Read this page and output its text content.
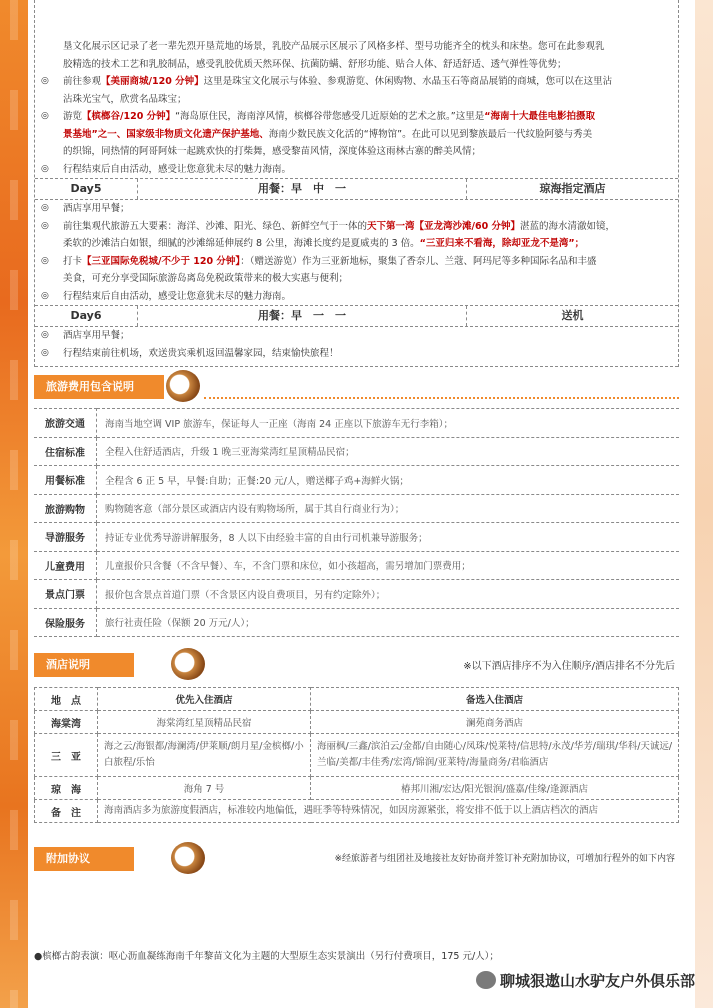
垦文化展示区记录了老一辈先烈开垦荒地的场景，乳胶产品展示区展示了风格多样、型号功能齐全的枕头和床垫。您可在此参观乳
胶精选的技术工艺和乳胶制品，感受乳胶优质天然环保、抗菌防螨、舒形功能、贴合人体、舒适舒适、透气弹性等优势；
◎ 前往参观【美丽商城/120 分钟】这里是珠宝文化展示与体验、参观游览、休闲购物、水晶玉石等商品展销的商城，您可以在这里沾
沾珠光宝气，欣赏名品珠宝；
◎ 游览【槟榔谷/120 分钟】“海岛原住民，海南淳风情，槟榔谷带您感受几近原始的艺术之旅。”这里是“海南十大最佳电影拍摄取
景基地”之一、国家级非物质文化遗产保护基地、海南少数民族文化活的“博物馆”。在此可以见到黎族最后一代纹脸阿婆与秀美
的织锦，同热情的阿哥阿妹一起跳欢快的打柴舞，感受黎苗风情，深度体验这雨林古寨的醉美风情；
◎ 行程结束后自由活动，感受让您意犹未尽的魅力海南。
Day5	用餐：早　中　一	琼海指定酒店
◎ 酒店享用早餐；
◎ 前往集观代旅游五大要素：海洋、沙滩、阳光、绿色、新鲜空气于一体的天下第一湾【亚龙湾沙滩/60 分钟】湛蓝的海水清澈如镜，
柔软的沙滩洁白如银，细腻的沙滩绵延伸展约 8 公里，海滩长度约是夏威夷的 3 倍。“三亚归来不看海，除却亚龙不是湾”；
◎ 打卡【三亚国际免税城/不少于 120 分钟】：（赠送游览）作为三亚新地标，聚集了香奈儿、兰蔻、阿玛尼等多种国际名品和丰盛
美食，可充分享受国际旅游岛离岛免税政策带来的极大实惠与便利；
◎ 行程结束后自由活动，感受让您意犹未尽的魅力海南。
Day6	用餐：早　一　一	送机
◎ 酒店享用早餐；
◎ 行程结束前往机场，欢送贵宾乘机返回温馨家园，结束愉快旅程！
旅游费用包含说明
旅游交通	海南当地空调 VIP 旅游车，保证每人一正座（海南 24 正座以下旅游车无行李箱）；
住宿标准	全程入住舒适酒店，升级 1 晚三亚海棠湾红星顶精品民宿；
用餐标准	全程含 6 正 5 早，早餐:自助；正餐:20 元/人，赠送椰子鸡+海鲜火锅；
旅游购物	购物随客意（部分景区或酒店内设有购物场所，属于其自行商业行为）；
导游服务	持证专业优秀导游讲解服务，8 人以下由经验丰富的自由行司机兼导游服务；
儿童费用	儿童报价只含餐（不含早餐）、车，不含门票和床位，如小孩超高，需另增加门票费用；
景点门票	报价包含景点首道门票（不含景区内设自费项目，另有约定除外）；
保险服务	旅行社责任险（保额 20 万元/人）；
酒店说明	※以下酒店排序不为入住顺序/酒店排名不分先后
地　点	优先入住酒店	备选入住酒店
海棠湾	海棠湾红星顶精品民宿	澜苑商务酒店
三　亚	海之云/海银都/海澜湾/伊莱顺/朗月星/金槟榔/小白旅程/乐怡	海丽枫/三鑫/滨泊云/金都/自由随心/凤珠/悦莱特/信思特/永茂/华芳/瑞琪/华科/天诚远/兰临/美都/丰佳秀/宏湾/锦润/亚莱特/海量商务/君临酒店
琼　海	海角 7 号	椿邦川湘/宏达/阳光银润/盛嘉/佳缘/逢源酒店
备　注	海南酒店多为旅游度假酒店，标准较内地偏低，遇旺季等特殊情况，如因房源紧张，将安排不低于以上酒店档次的酒店	
附加协议	※经旅游者与组团社及地接社友好协商并签订补充附加协议，可增加行程外的如下内容
●槟榔古韵表演：呕心沥血凝练海南千年黎苗文化为主题的大型原生态实景演出（另行付费项目，175 元/人）；
聊城狠遨山水驴友户外俱乐部
